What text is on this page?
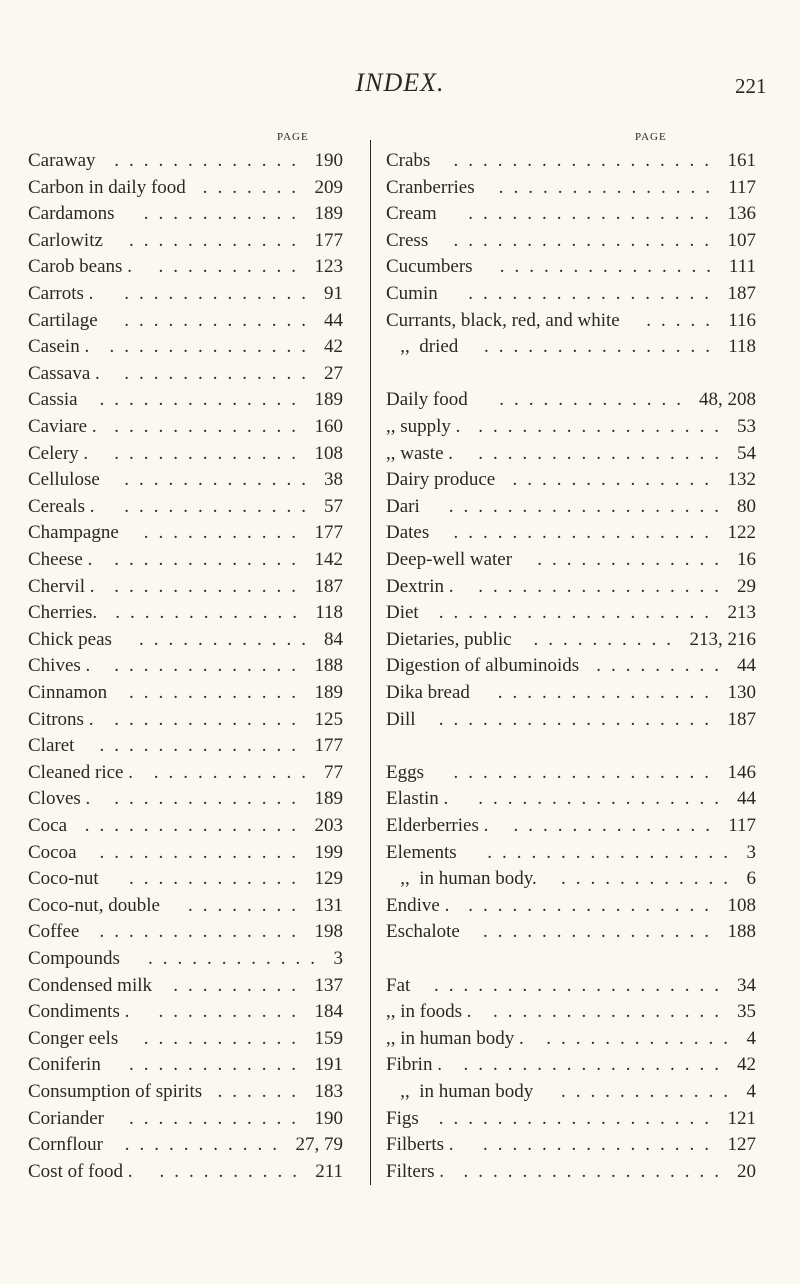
INDEX.	221
PAGE	PAGE
Caraway	190
.............
Carbon in daily food	209
.......
Cardamons	189
...........
Carlowitz	177
............
Carob beans .	123
..........
Carrots .	91
.............
Cartilage	44
.............
Casein .	42
..............
Cassava .	27
.............
Cassia	189
..............
Caviare .	160
.............
Celery .	108
.............
Cellulose	38
.............
Cereals .	57
.............
Champagne	177
...........
Cheese .	142
.............
Chervil .	187
.............
Cherries.	118
.............
Chick peas	84
............
Chives .	188
.............
Cinnamon	189
............
Citrons .	125
.............
Claret	177
..............
Cleaned rice .	77
...........
Cloves .	189
.............
Coca	203
...............
Cocoa	199
..............
Coco-nut	129
............
Coco-nut, double	131
........
Coffee	198
..............
Compounds	3
............
Condensed milk	137
.........
Condiments .	184
..........
Conger eels	159
...........
Coniferin	191
............
Consumption of spirits	183
......
Coriander	190
............
Cornflour	27, 79
...........
Cost of food .	211
..........
Crabs	161
..................
Cranberries	117
...............
Cream	136
.................
Cress	107
..................
Cucumbers	111
...............
Cumin	187
.................
Currants, black, red, and white	116
.....
,,  dried	118
................
Daily food	48, 208
.............
,, supply .	53
.................
,, waste .	54
.................
Dairy produce	132
..............
Dari	80
...................
Dates	122
..................
Deep-well water	16
.............
Dextrin .	29
.................
Diet	213
...................
Dietaries, public	213, 216
..........
Digestion of albuminoids	44
.........
Dika bread	130
...............
Dill	187
...................
Eggs	146
..................
Elastin .	44
.................
Elderberries .	117
..............
Elements	3
.................
,,  in human body.	6
............
Endive .	108
.................
Eschalote	188
................
Fat	34
....................
,, in foods .	35
................
,, in human body .	4
.............
Fibrin .	42
..................
,,  in human body	4
............
Figs	121
...................
Filberts .	127
................
Filters .	20
..................
